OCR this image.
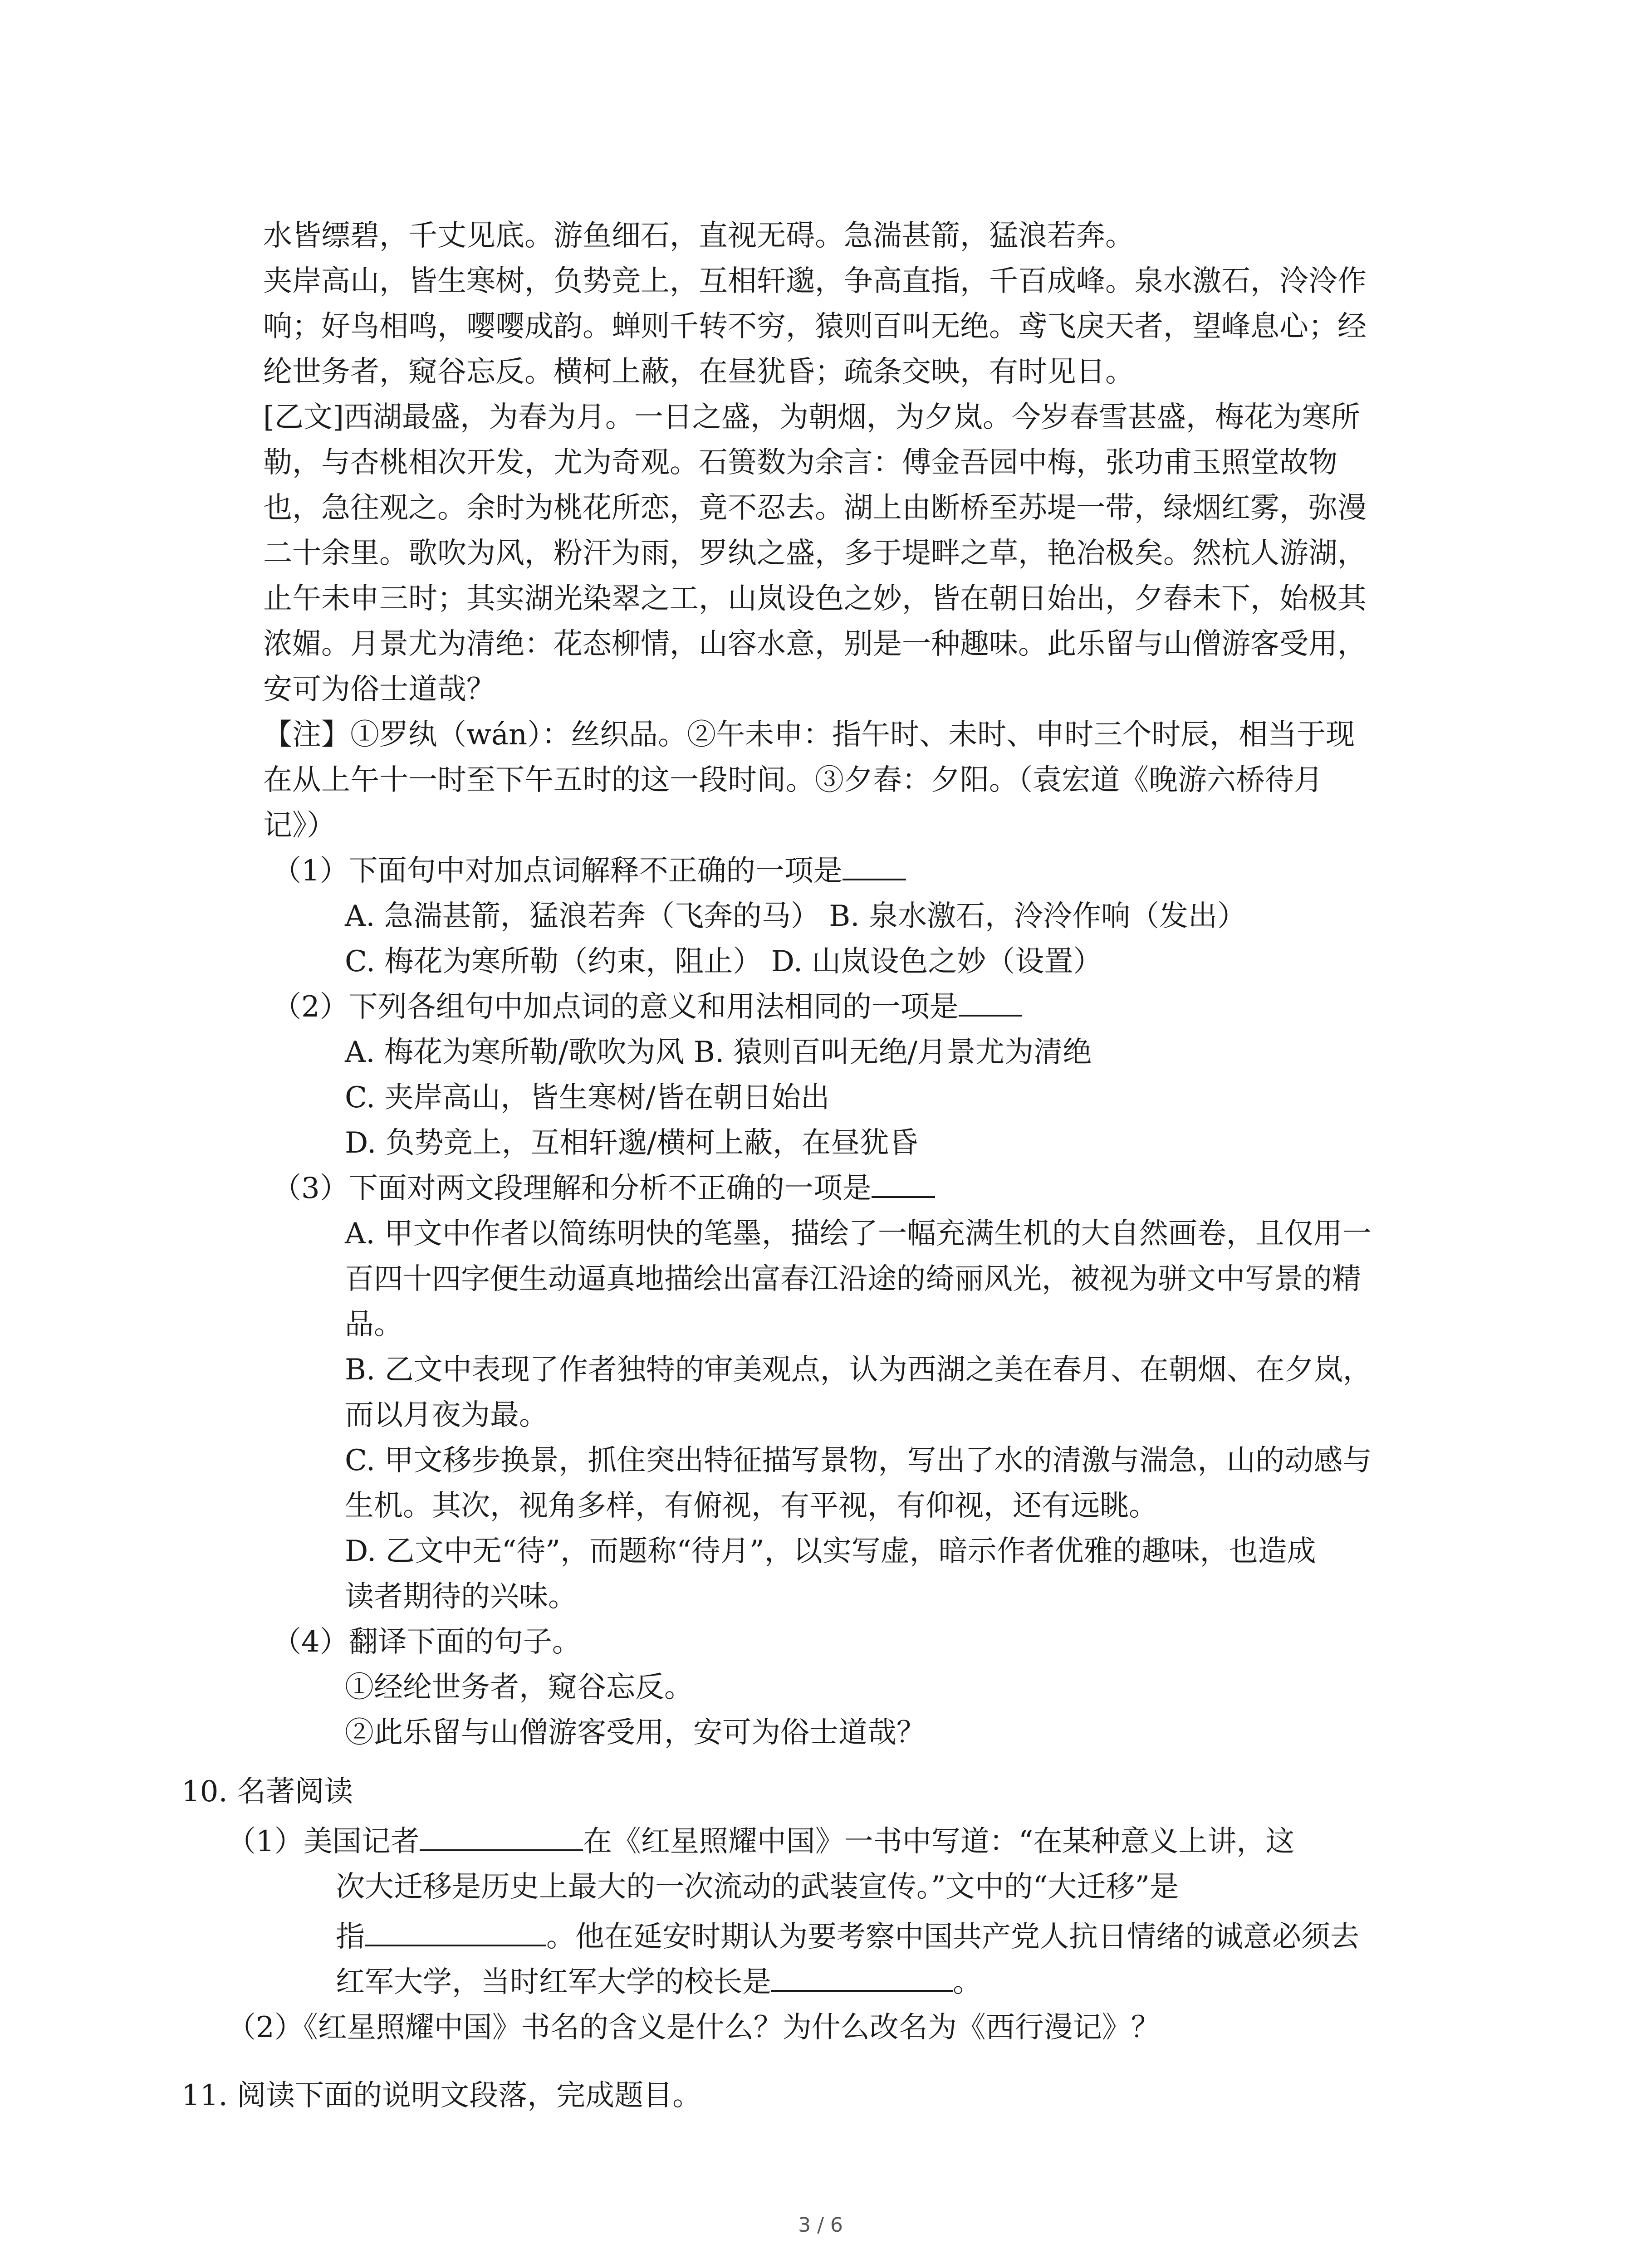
水皆缥碧，千丈见底。游鱼细石，直视无碍。急湍甚箭，猛浪若奔。
夹岸高山，皆生寒树，负势竞上，互相轩邈，争高直指，千百成峰。泉水激石，泠泠作
响；好鸟相鸣，嘤嘤成韵。蝉则千转不穷，猿则百叫无绝。鸢飞戾天者，望峰息心；经
纶世务者，窥谷忘反。横柯上蔽，在昼犹昏；疏条交映，有时见日。
[乙文]西湖最盛，为春为月。一日之盛，为朝烟，为夕岚。今岁春雪甚盛，梅花为寒所
勒，与杏桃相次开发，尤为奇观。石篑数为余言：傅金吾园中梅，张功甫玉照堂故物
也，急往观之。余时为桃花所恋，竟不忍去。湖上由断桥至苏堤一带，绿烟红雾，弥漫
二十余里。歌吹为风，粉汗为雨，罗纨之盛，多于堤畔之草，艳冶极矣。然杭人游湖，
止午未申三时；其实湖光染翠之工，山岚设色之妙，皆在朝日始出，夕舂未下，始极其
浓媚。月景尤为清绝：花态柳情，山容水意，别是一种趣味。此乐留与山僧游客受用，
安可为俗士道哉？
【注】①罗纨（wán）：丝织品。②午未申：指午时、未时、申时三个时辰，相当于现
在从上午十一时至下午五时的这一段时间。③夕舂：夕阳。（袁宏道《晚游六桥待月
记》）
（1）下面句中对加点词解释不正确的一项是
A. 急湍甚箭，猛浪若奔（飞奔的马） B. 泉水激石，泠泠作响（发出）
C. 梅花为寒所勒（约束，阻止） D. 山岚设色之妙（设置）
（2）下列各组句中加点词的意义和用法相同的一项是
A. 梅花为寒所勒/歌吹为风 B. 猿则百叫无绝/月景尤为清绝
C. 夹岸高山，皆生寒树/皆在朝日始出
D. 负势竞上，互相轩邈/横柯上蔽，在昼犹昏
（3）下面对两文段理解和分析不正确的一项是
A. 甲文中作者以简练明快的笔墨，描绘了一幅充满生机的大自然画卷，且仅用一
百四十四字便生动逼真地描绘出富春江沿途的绮丽风光，被视为骈文中写景的精
品。
B. 乙文中表现了作者独特的审美观点，认为西湖之美在春月、在朝烟、在夕岚，
而以月夜为最。
C. 甲文移步换景，抓住突出特征描写景物，写出了水的清激与湍急，山的动感与
生机。其次，视角多样，有俯视，有平视，有仰视，还有远眺。
D. 乙文中无“待”，而题称“待月”，以实写虚，暗示作者优雅的趣味，也造成
读者期待的兴味。
（4）翻译下面的句子。
①经纶世务者，窥谷忘反。
②此乐留与山僧游客受用，安可为俗士道哉？
10. 名著阅读
（1）美国记者	在《红星照耀中国》一书中写道：“在某种意义上讲，这
次大迁移是历史上最大的一次流动的武装宣传。”文中的“大迁移”是
指	。他在延安时期认为要考察中国共产党人抗日情绪的诚意必须去
红军大学，当时红军大学的校长是	。
（2）《红星照耀中国》书名的含义是什么？为什么改名为《西行漫记》？
11. 阅读下面的说明文段落，完成题目。
3 / 6
